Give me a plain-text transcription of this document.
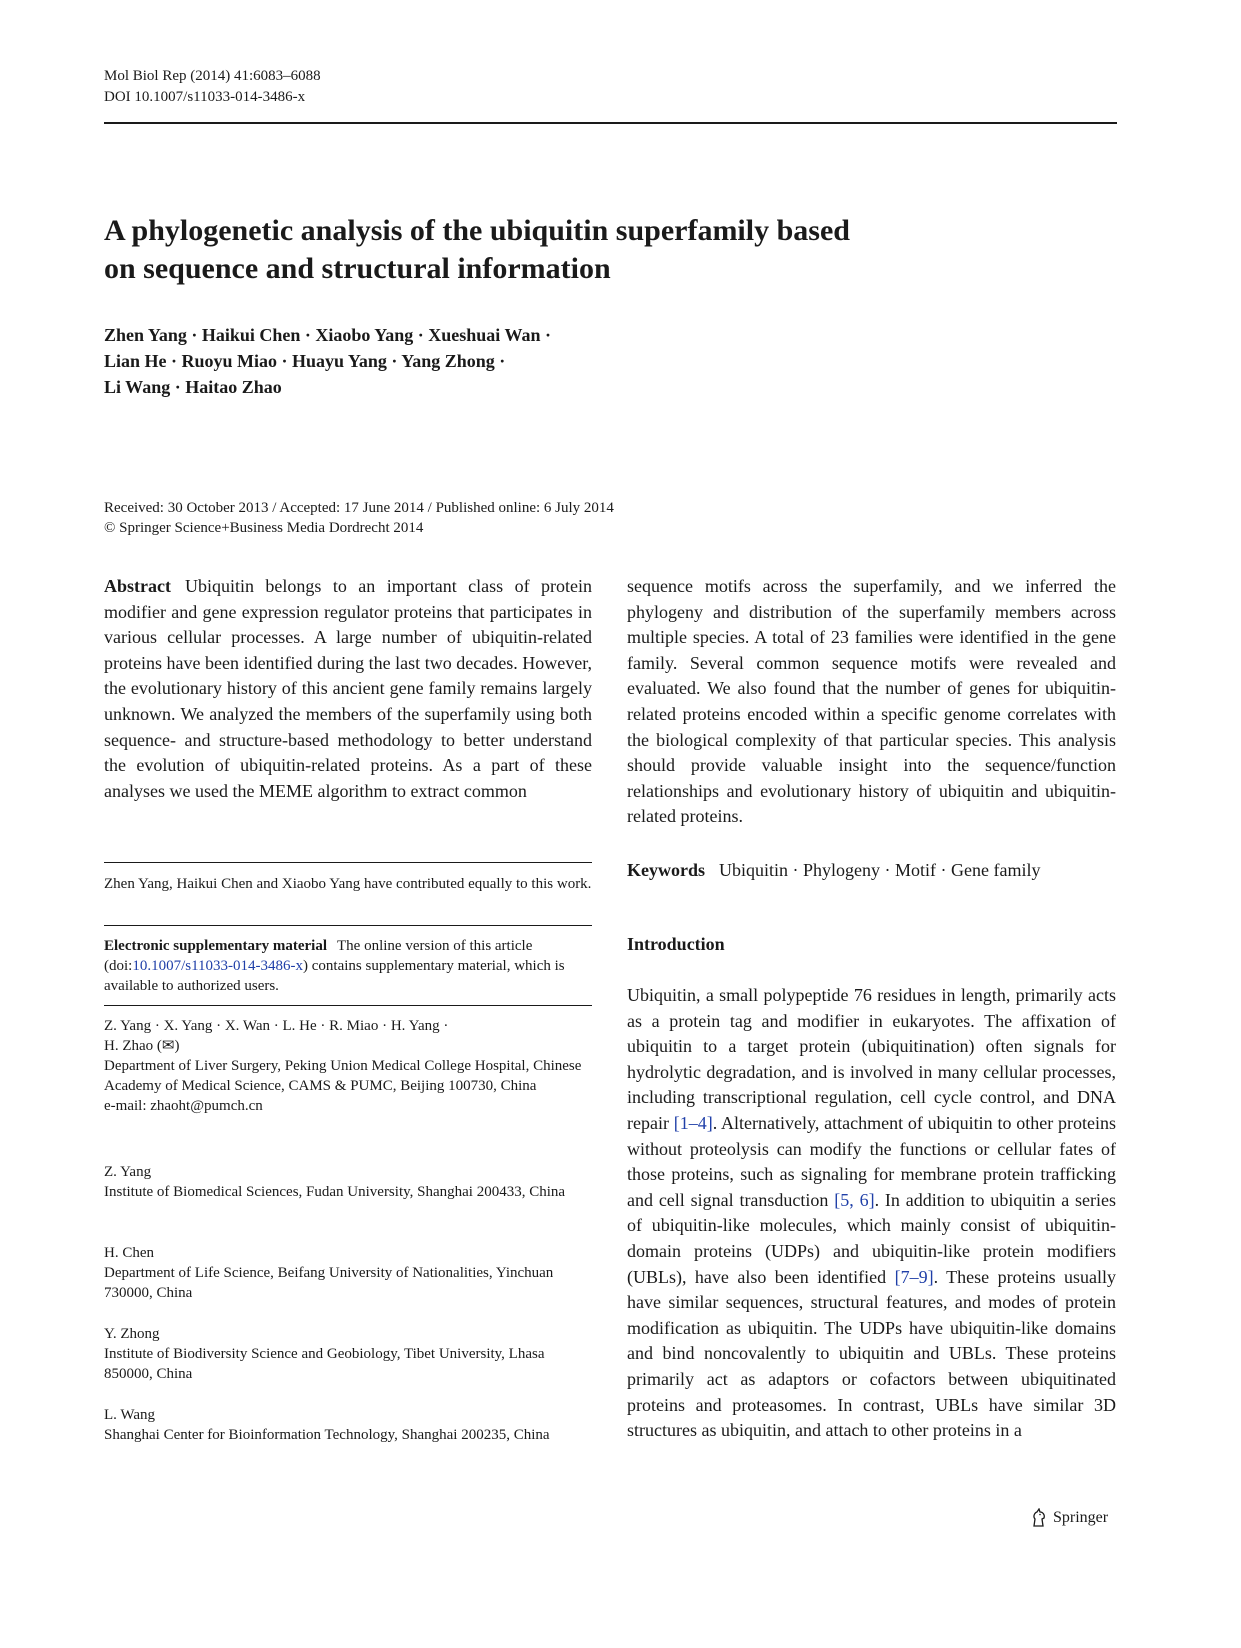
Mol Biol Rep (2014) 41:6083–6088
DOI 10.1007/s11033-014-3486-x
A phylogenetic analysis of the ubiquitin superfamily based
on sequence and structural information
Zhen Yang · Haikui Chen · Xiaobo Yang · Xueshuai Wan ·
Lian He · Ruoyu Miao · Huayu Yang · Yang Zhong ·
Li Wang · Haitao Zhao
Received: 30 October 2013 / Accepted: 17 June 2014 / Published online: 6 July 2014
© Springer Science+Business Media Dordrecht 2014

Abstract Ubiquitin belongs to an important class of protein modifier and gene expression regulator proteins that participates in various cellular processes. A large number of ubiquitin-related proteins have been identified during the last two decades. However, the evolutionary history of this ancient gene family remains largely unknown. We analyzed the members of the superfamily using both sequence- and structure-based methodology to better understand the evolution of ubiquitin-related proteins. As a part of these analyses we used the MEME algorithm to extract common

sequence motifs across the superfamily, and we inferred the phylogeny and distribution of the superfamily members across multiple species. A total of 23 families were identified in the gene family. Several common sequence motifs were revealed and evaluated. We also found that the number of genes for ubiquitin-related proteins encoded within a specific genome correlates with the biological complexity of that particular species. This analysis should provide valuable insight into the sequence/function relationships and evolutionary history of ubiquitin and ubiquitin-related proteins.

Keywords Ubiquitin · Phylogeny · Motif · Gene family
Introduction
Ubiquitin, a small polypeptide 76 residues in length, primarily acts as a protein tag and modifier in eukaryotes. The affixation of ubiquitin to a target protein (ubiquitination) often signals for hydrolytic degradation, and is involved in many cellular processes, including transcriptional regulation, cell cycle control, and DNA repair [1–4]. Alternatively, attachment of ubiquitin to other proteins without proteolysis can modify the functions or cellular fates of those proteins, such as signaling for membrane protein trafficking and cell signal transduction [5, 6]. In addition to ubiquitin a series of ubiquitin-like molecules, which mainly consist of ubiquitin-domain proteins (UDPs) and ubiquitin-like protein modifiers (UBLs), have also been identified [7–9]. These proteins usually have similar sequences, structural features, and modes of protein modification as ubiquitin. The UDPs have ubiquitin-like domains and bind noncovalently to ubiquitin and UBLs. These proteins primarily act as adaptors or cofactors between ubiquitinated proteins and proteasomes. In contrast, UBLs have similar 3D structures as ubiquitin, and attach to other proteins in a
Zhen Yang, Haikui Chen and Xiaobo Yang have contributed equally to this work.
Electronic supplementary material The online version of this article (doi:10.1007/s11033-014-3486-x) contains supplementary material, which is available to authorized users.
Z. Yang · X. Yang · X. Wan · L. He · R. Miao · H. Yang ·
H. Zhao (✉)
Department of Liver Surgery, Peking Union Medical College Hospital, Chinese Academy of Medical Science, CAMS & PUMC, Beijing 100730, China
e-mail: zhaoht@pumch.cn
Z. Yang
Institute of Biomedical Sciences, Fudan University, Shanghai 200433, China
H. Chen
Department of Life Science, Beifang University of Nationalities, Yinchuan 730000, China
Y. Zhong
Institute of Biodiversity Science and Geobiology, Tibet University, Lhasa 850000, China
L. Wang
Shanghai Center for Bioinformation Technology, Shanghai 200235, China
Springer
